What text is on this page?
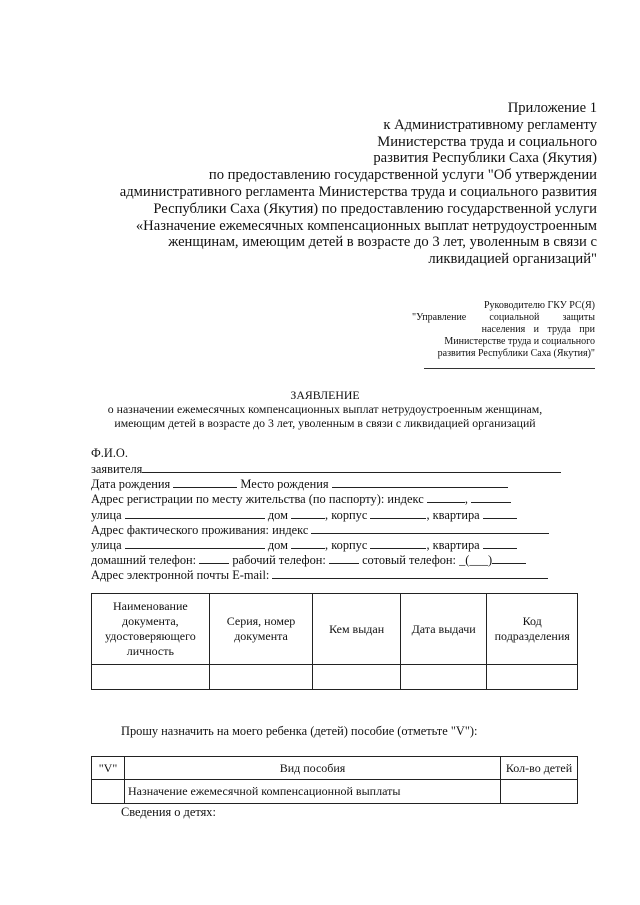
Приложение 1
к Административному регламенту
Министерства труда и социального
развития Республики Саха (Якутия)
по предоставлению государственной услуги "Об утверждении
административного регламента Министерства труда и социального развития
Республики Саха (Якутия) по предоставлению государственной услуги
«Назначение ежемесячных компенсационных выплат нетрудоустроенным
женщинам, имеющим детей в возрасте до 3 лет, уволенным в связи с
ликвидацией организаций"
Руководителю ГКУ РС(Я)
"Управление социальной защиты
населения и труда при
Министерстве труда и социального
развития Республики Саха (Якутия)"
ЗАЯВЛЕНИЕ
о назначении ежемесячных компенсационных выплат нетрудоустроенным женщинам,
имеющим детей в возрасте до 3 лет, уволенным в связи с ликвидацией организаций
Ф.И.О.
заявителя
Дата рождения	Место рождения
Адрес регистрации по месту жительства (по паспорту): индекс	,
улица	дом	, корпус	, квартира
Адрес фактического проживания: индекс
улица	дом	, корпус	, квартира
домашний телефон:	рабочий телефон:	сотовый телефон: _(___)
Адрес электронной почты E-mail:
Наименование документа, удостоверяющего личность	Серия, номер документа	Кем выдан	Дата выдачи	Код подразделения

Прошу назначить на моего ребенка (детей) пособие (отметьте "V"):
"V"	Вид пособия	Кол-во детей
	Назначение ежемесячной компенсационной выплаты	
Сведения о детях:
